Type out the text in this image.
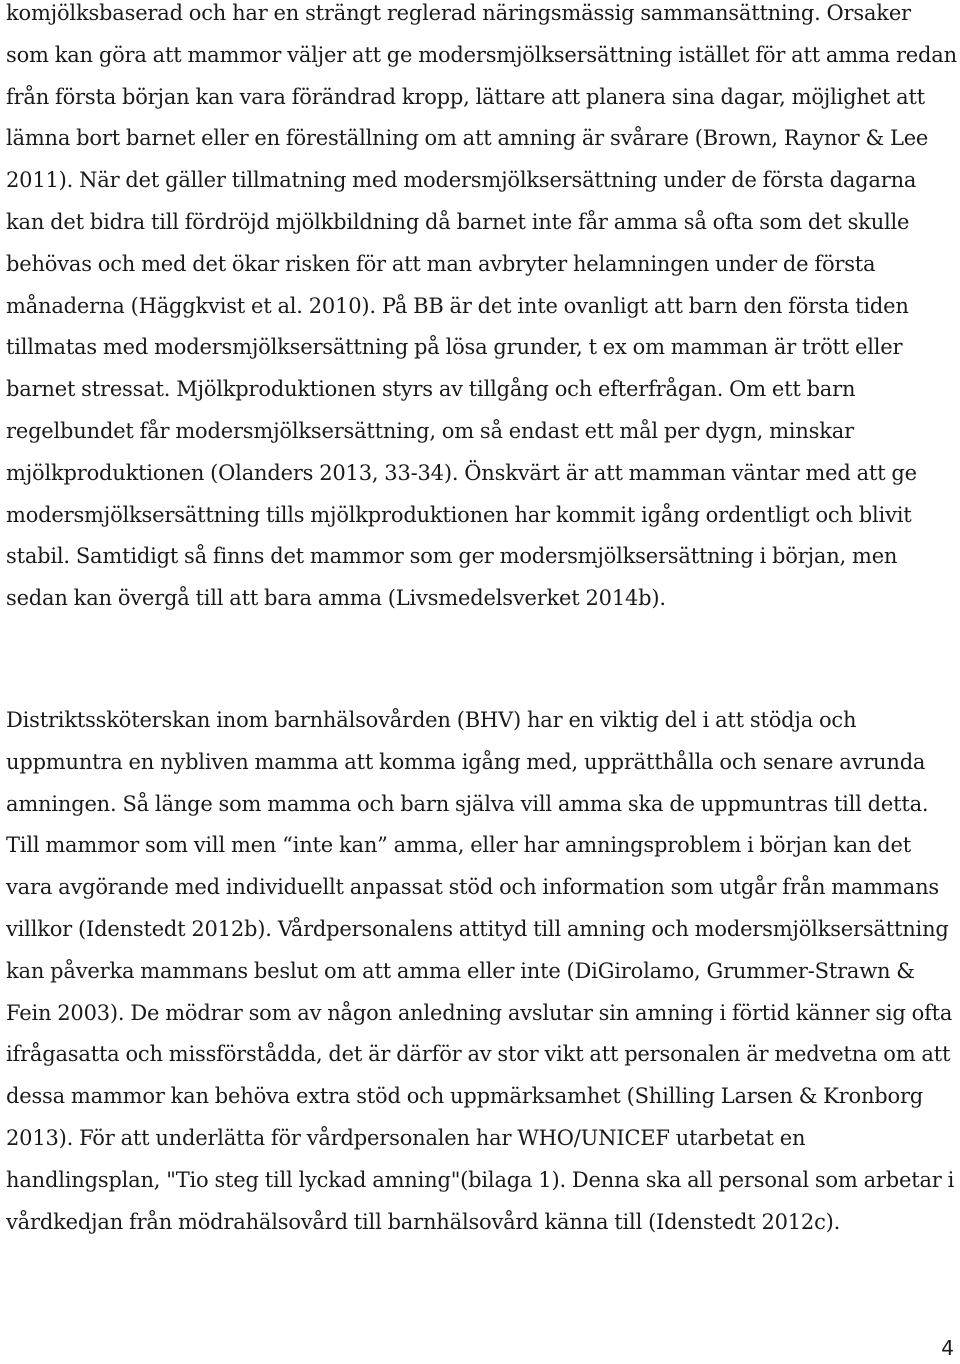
komjölksbaserad och har en strängt reglerad näringsmässig sammansättning. Orsaker som kan göra att mammor väljer att ge modersmjölksersättning istället för att amma redan från första början kan vara förändrad kropp, lättare att planera sina dagar, möjlighet att lämna bort barnet eller en föreställning om att amning är svårare (Brown, Raynor & Lee 2011). När det gäller tillmatning med modersmjölksersättning under de första dagarna kan det bidra till fördröjd mjölkbildning då barnet inte får amma så ofta som det skulle behövas och med det ökar risken för att man avbryter helamningen under de första månaderna (Häggkvist et al. 2010). På BB är det inte ovanligt att barn den första tiden tillmatas med modersmjölksersättning på lösa grunder, t ex om mamman är trött eller barnet stressat. Mjölkproduktionen styrs av tillgång och efterfrågan. Om ett barn regelbundet får modersmjölksersättning, om så endast ett mål per dygn, minskar mjölkproduktionen (Olanders 2013, 33-34). Önskvärt är att mamman väntar med att ge modersmjölksersättning tills mjölkproduktionen har kommit igång ordentligt och blivit stabil. Samtidigt så finns det mammor som ger modersmjölksersättning i början, men sedan kan övergå till att bara amma (Livsmedelsverket 2014b).

Distriktssköterskan inom barnhälsovården (BHV) har en viktig del i att stödja och uppmuntra en nybliven mamma att komma igång med, upprätthålla och senare avrunda amningen. Så länge som mamma och barn själva vill amma ska de uppmuntras till detta. Till mammor som vill men “inte kan” amma, eller har amningsproblem i början kan det vara avgörande med individuellt anpassat stöd och information som utgår från mammans villkor (Idenstedt 2012b). Vårdpersonalens attityd till amning och modersmjölksersättning kan påverka mammans beslut om att amma eller inte (DiGirolamo, Grummer-Strawn & Fein 2003). De mödrar som av någon anledning avslutar sin amning i förtid känner sig ofta ifrågasatta och missförstådda, det är därför av stor vikt att personalen är medvetna om att dessa mammor kan behöva extra stöd och uppmärksamhet (Shilling Larsen & Kronborg 2013). För att underlätta för vårdpersonalen har WHO/UNICEF utarbetat en handlingsplan, "Tio steg till lyckad amning"(bilaga 1). Denna ska all personal som arbetar i vårdkedjan från mödrahälsovård till barnhälsovård känna till (Idenstedt 2012c).

4
